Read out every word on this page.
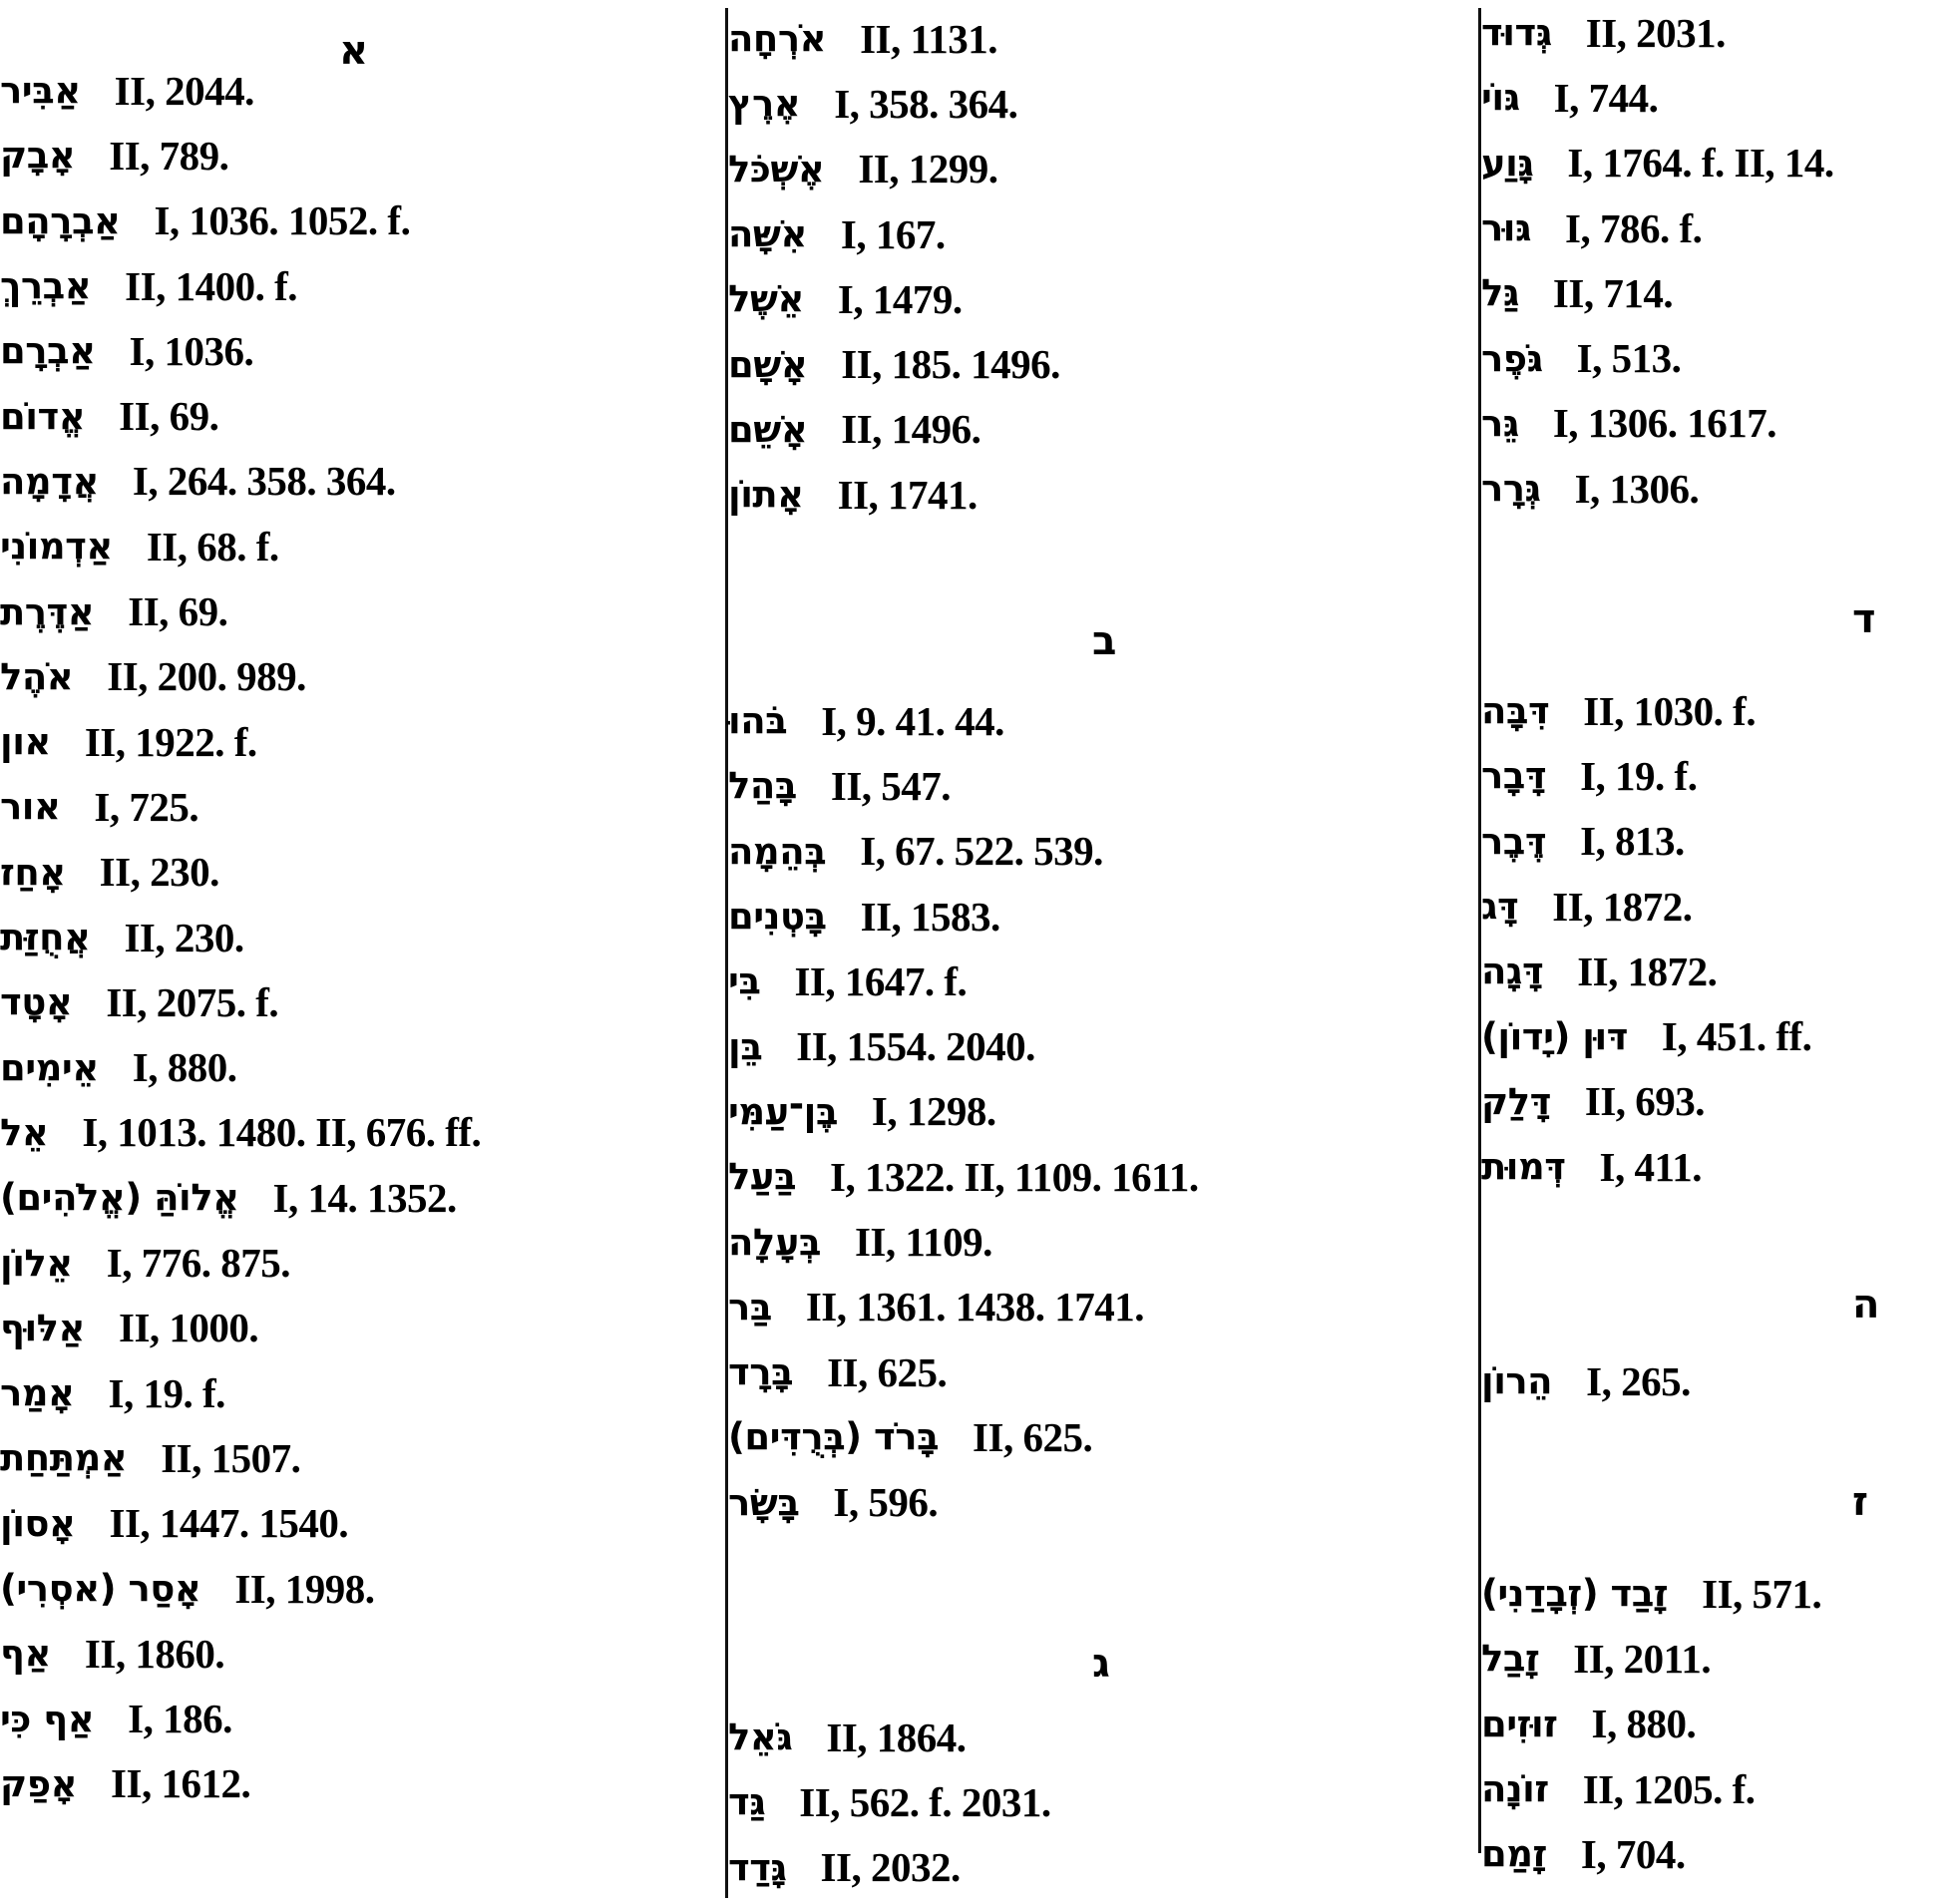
א
אַבִּיר II, 2044.
אָבָק II, 789.
אַבְרָהָם I, 1036. 1052. f.
אַבְרֵךְ II, 1400. f.
אַבְרָם I, 1036.
אֱדוֹם II, 69.
אֲדָמָה I, 264. 358. 364.
אַדְמוֹנִי II, 68. f.
אַדֶּרֶת II, 69.
אֹהֶל II, 200. 989.
און II, 1922. f.
אור I, 725.
אָחַז II, 230.
אֲחֻזַּת II, 230.
אָטָד II, 2075. f.
אֵימִים I, 880.
אֵל I, 1013. 1480. II, 676. ff.
אֱלוֹהַּ (אֱלֹהִים) I, 14. 1352.
אֵלוֹן I, 776. 875.
אַלּוּף II, 1000.
אָמַר I, 19. f.
אַמְתַּחַת II, 1507.
אָסוֹן II, 1447. 1540.
אָסַר (אסְרִי) II, 1998.
אַף II, 1860.
אַף כִּי I, 186.
אָפַק II, 1612.
אֹרְחָה II, 1131.
אֶרֶץ I, 358. 364.
אֶשְׁכֹּל II, 1299.
אִשָּׁה I, 167.
אֵשֶׁל I, 1479.
אָשָׁם II, 185. 1496.
אָשֵׁם II, 1496.
אָתוֹן II, 1741.
ב
בֹּהוּ I, 9. 41. 44.
בָּהַל II, 547.
בְּהֵמָה I, 67. 522. 539.
בָּטְנִים II, 1583.
בִּי II, 1647. f.
בֵּן II, 1554. 2040.
בֶּן־עַמִּי I, 1298.
בַּעַל I, 1322. II, 1109. 1611.
בְּעָלָה II, 1109.
בַּר II, 1361. 1438. 1741.
בָּרָד II, 625.
בָּרֹד (בְּרֻדִּים) II, 625.
בָּשָׂר I, 596.
ג
גֹּאֵל II, 1864.
גַּד II, 562. f. 2031.
גָּדַד II, 2032.
גְּדוּד II, 2031.
גּוֹי I, 744.
גָּוַע I, 1764. f. II, 14.
גּוּר I, 786. f.
גַּל II, 714.
גֹּפֶר I, 513.
גֵּר I, 1306. 1617.
גְּרָר I, 1306.
ד
דִּבָּה II, 1030. f.
דָּבָר I, 19. f.
דֶּבֶר I, 813.
דָּג II, 1872.
דָּגָה II, 1872.
דּוּן (יָדוֹן) I, 451. ff.
דָּלַק II, 693.
דְּמוּת I, 411.
ה
הֵרוֹן I, 265.
ז
זָבַד (זְבָדַנִי) II, 571.
זָבַל II, 2011.
זוּזִים I, 880.
זוֹנָה II, 1205. f.
זָמַם I, 704.
